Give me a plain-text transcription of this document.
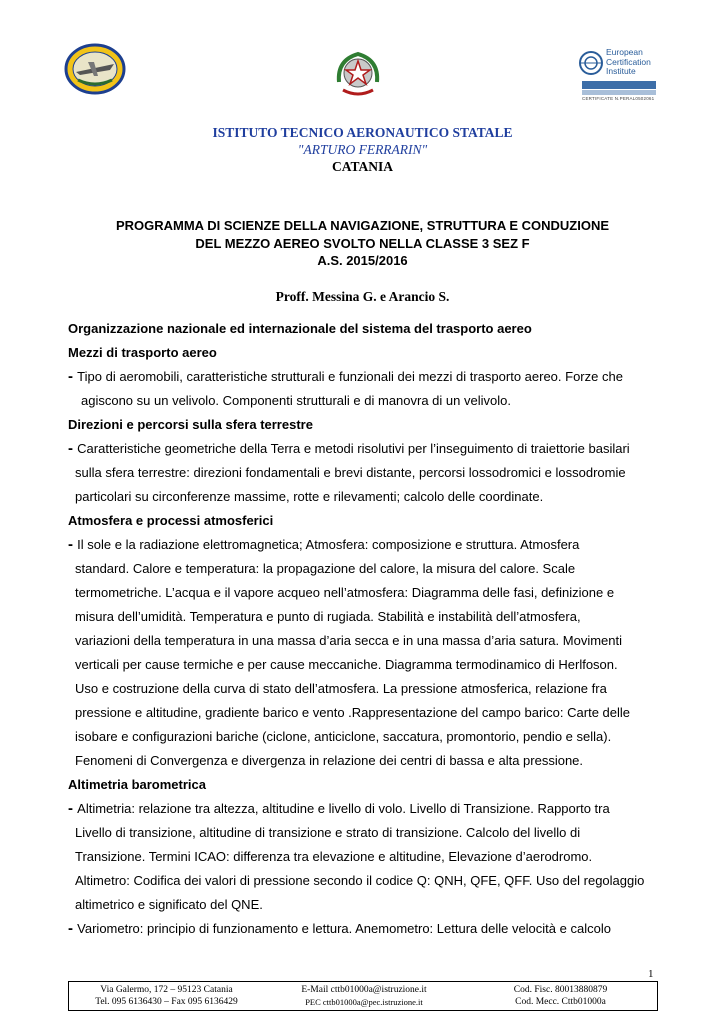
European
Certification
Institute
CERTIFICATE N.PERAL0502061
ISTITUTO TECNICO AERONAUTICO STATALE
"ARTURO FERRARIN"
CATANIA
PROGRAMMA DI SCIENZE DELLA NAVIGAZIONE, STRUTTURA E CONDUZIONE
DEL MEZZO AEREO SVOLTO NELLA CLASSE 3 SEZ F
A.S. 2015/2016
Proff. Messina G. e Arancio S.
Organizzazione nazionale ed internazionale del sistema del trasporto aereo
Mezzi di trasporto aereo
- Tipo di aeromobili, caratteristiche strutturali e funzionali dei mezzi di trasporto aereo. Forze che
agiscono su un velivolo. Componenti strutturali e di manovra di un velivolo.
Direzioni e percorsi sulla sfera terrestre
- Caratteristiche geometriche della Terra e metodi risolutivi per l’inseguimento di traiettorie basilari
sulla sfera terrestre: direzioni fondamentali e brevi distante, percorsi lossodromici e lossodromie
particolari su circonferenze massime, rotte e rilevamenti; calcolo delle coordinate.
Atmosfera e processi atmosferici
- Il sole e la radiazione elettromagnetica; Atmosfera: composizione e struttura. Atmosfera
standard. Calore e temperatura: la propagazione del calore, la misura del calore. Scale
termometriche. L’acqua e il vapore acqueo nell’atmosfera: Diagramma delle fasi, definizione e
misura dell’umidità. Temperatura e punto di rugiada. Stabilità e instabilità dell’atmosfera,
variazioni della temperatura in una massa d’aria secca e in una massa d’aria satura. Movimenti
verticali per cause termiche e per cause meccaniche. Diagramma termodinamico di Herlfoson.
Uso e costruzione della curva di stato dell’atmosfera. La pressione atmosferica, relazione fra
pressione e altitudine, gradiente barico e vento .Rappresentazione del campo barico: Carte delle
isobare e configurazioni bariche (ciclone, anticiclone, saccatura, promontorio, pendio e sella).
Fenomeni di Convergenza e divergenza in relazione dei centri di bassa e alta pressione.
Altimetria barometrica
- Altimetria: relazione tra altezza, altitudine e livello di volo. Livello di Transizione. Rapporto tra
Livello di transizione, altitudine di transizione e strato di transizione. Calcolo del livello di
Transizione. Termini ICAO: differenza tra elevazione e altitudine, Elevazione d’aerodromo.
Altimetro: Codifica dei valori di pressione secondo il codice Q: QNH, QFE, QFF. Uso del regolaggio
altimetrico e significato del QNE.
- Variometro: principio di funzionamento e lettura. Anemometro: Lettura delle velocità e calcolo
1
Via Galermo, 172 – 95123 Catania
Tel. 095 6136430 – Fax 095 6136429
E-Mail cttb01000a@istruzione.it
PEC cttb01000a@pec.istruzione.it
Cod. Fisc. 80013880879
Cod. Mecc. Cttb01000a
